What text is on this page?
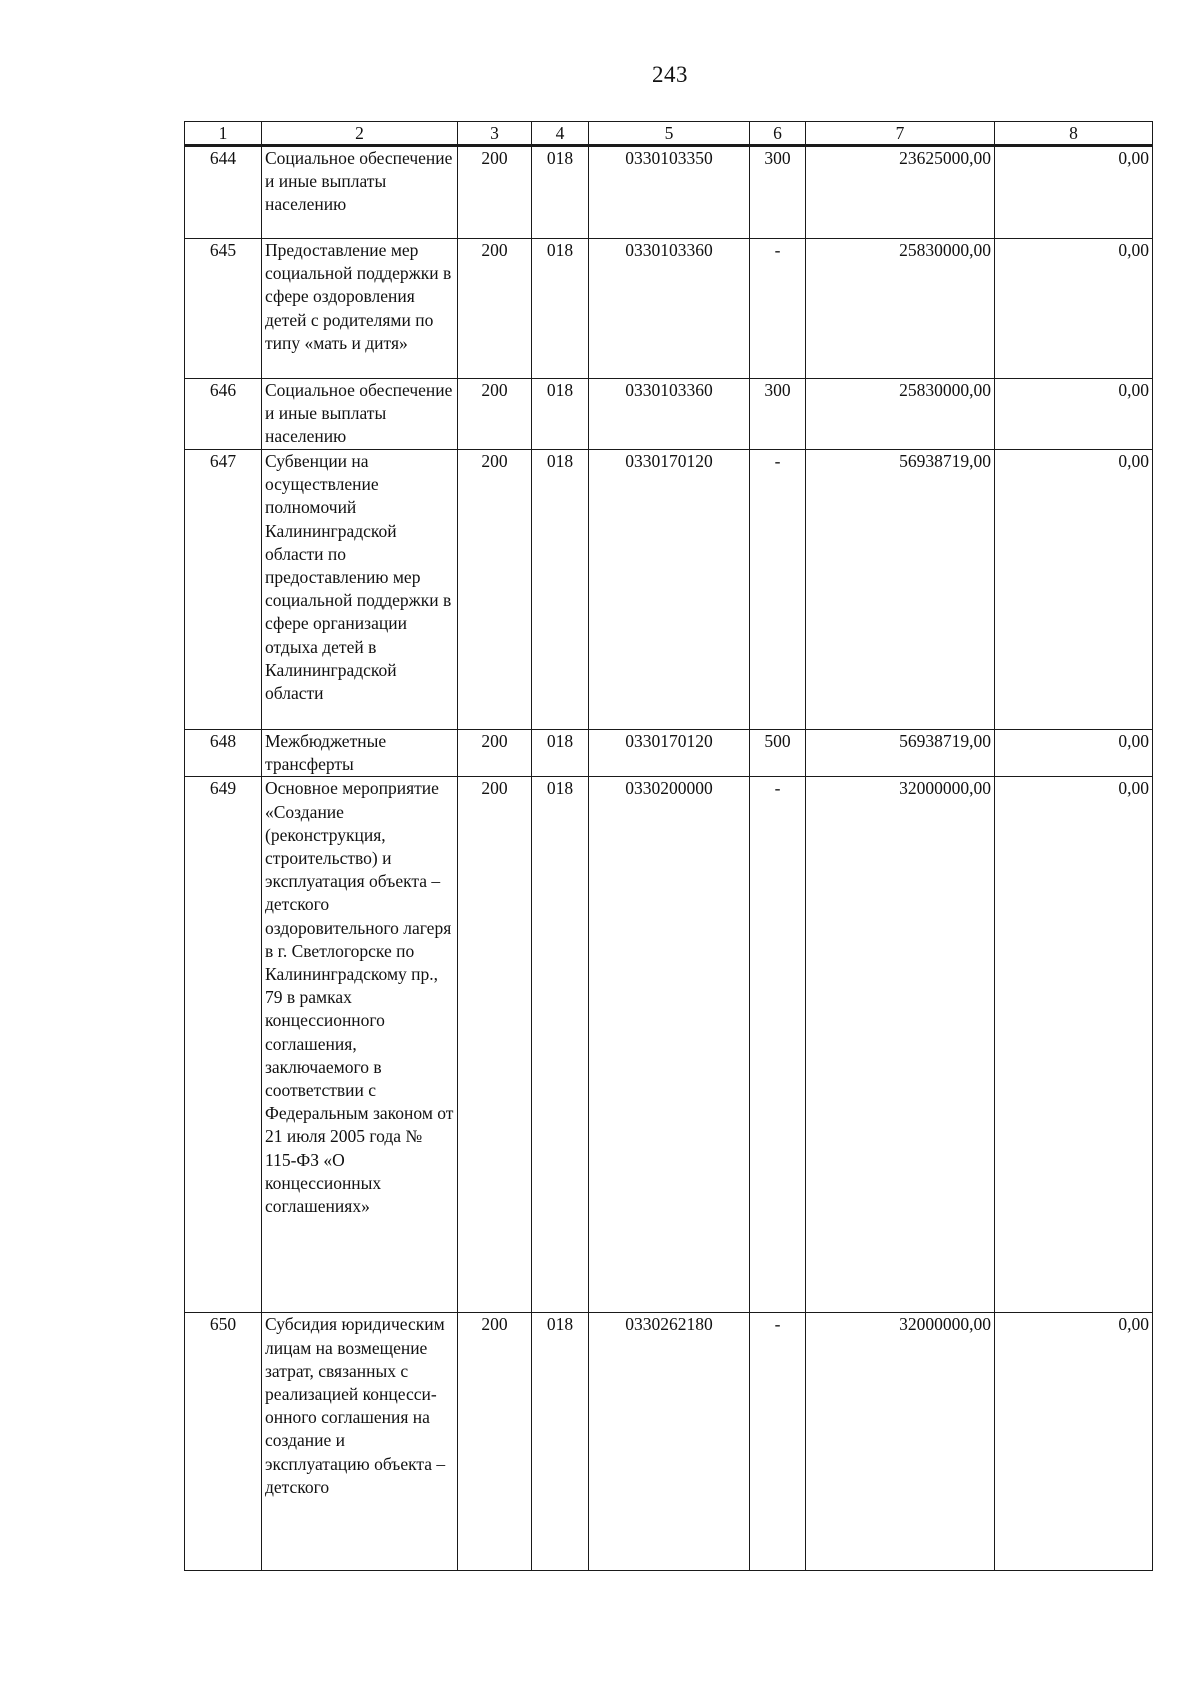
243
1	2	3	4	5	6	7	8
644	Социальное обеспечение и иные выплаты населению	200	018	0330103350	300	23625000,00	0,00
645	Предоставление мер социальной поддержки в сфере оздоровления детей с родителями по типу «мать и дитя»	200	018	0330103360	-	25830000,00	0,00
646	Социальное обеспечение и иные выплаты населению	200	018	0330103360	300	25830000,00	0,00
647	Субвенции на осуществление полномочий Калининградской области по предоставлению мер социальной поддержки в сфере организации отдыха детей в Калининградской области	200	018	0330170120	-	56938719,00	0,00
648	Межбюджетные трансферты	200	018	0330170120	500	56938719,00	0,00
649	Основное мероприятие «Создание (реконструкция, строительство) и эксплуатация объекта – детского оздоровительного лагеря в г. Светлогорске по Калининградскому пр., 79 в рамках концессионного соглашения, заключаемого в соответствии с Федеральным законом от 21 июля 2005 года № 115-ФЗ «О концессионных соглашениях»	200	018	0330200000	-	32000000,00	0,00
650	Субсидия юридическим лицам на возмещение затрат, связанных с реализацией концесси-онного соглашения на создание и эксплуатацию объекта – детского	200	018	0330262180	-	32000000,00	0,00
